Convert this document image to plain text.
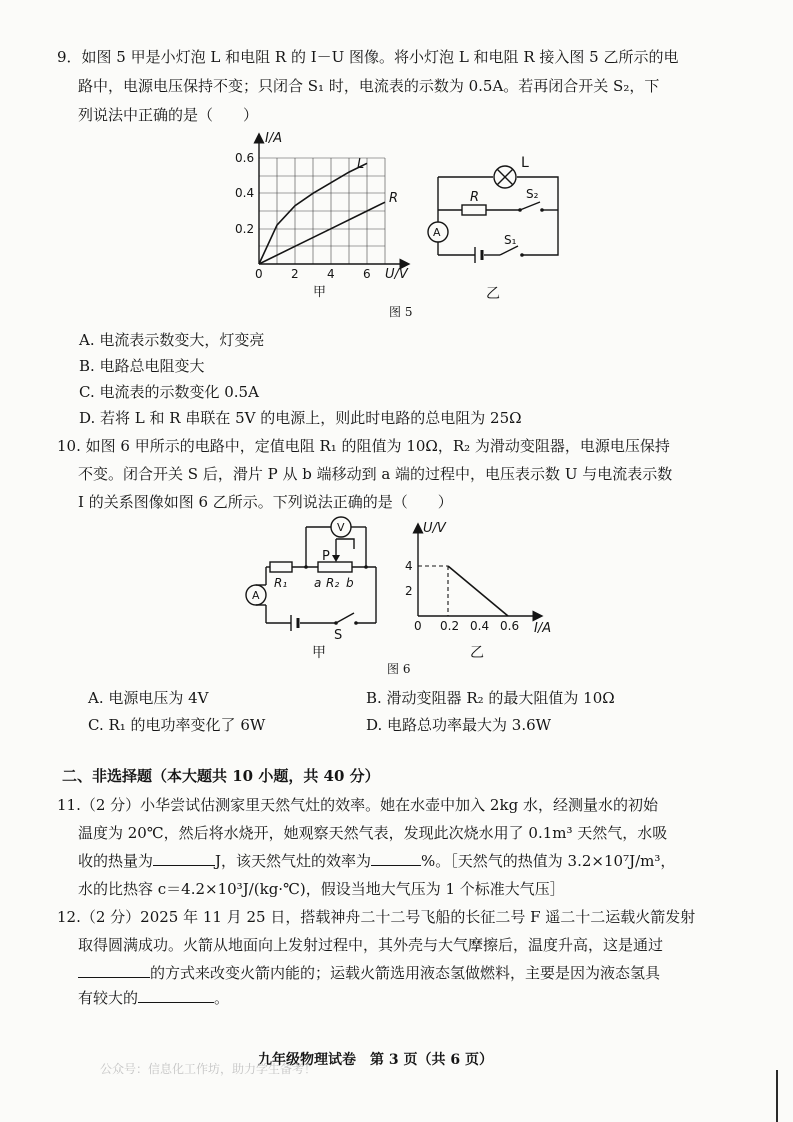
9．如图 5 甲是小灯泡 L 和电阻 R 的 I－U 图像。将小灯泡 L 和电阻 R 接入图 5 乙所示的电
路中，电源电压保持不变；只闭合 S₁ 时，电流表的示数为 0.5A。若再闭合开关 S₂，下
列说法中正确的是（　　）
I/A
U/V
0.6
0.4
0.2
0 2 4 6
L
R
甲
L
R	S₂
S₁
A
乙
图 5
A. 电流表示数变大，灯变亮
B. 电路总电阻变大
C. 电流表的示数变化 0.5A
D. 若将 L 和 R 串联在 5V 的电源上，则此时电路的总电阻为 25Ω
10. 如图 6 甲所示的电路中，定值电阻 R₁ 的阻值为 10Ω，R₂ 为滑动变阻器，电源电压保持
不变。闭合开关 S 后，滑片 P 从 b 端移动到 a 端的过程中，电压表示数 U 与电流表示数
I 的关系图像如图 6 乙所示。下列说法正确的是（　　）
V
A
P
R₁	R₂
a b
S
甲
U/V
I/A
4
2
0 0.2 0.4 0.6
乙
图 6
A. 电源电压为 4V	B. 滑动变阻器 R₂ 的最大阻值为 10Ω
C. R₁ 的电功率变化了 6W	D. 电路总功率最大为 3.6W
二、非选择题（本大题共 10 小题，共 40 分）
11.（2 分）小华尝试估测家里天然气灶的效率。她在水壶中加入 2kg 水，经测量水的初始
温度为 20℃，然后将水烧开，她观察天然气表，发现此次烧水用了 0.1m³ 天然气，水吸
收的热量为	J，该天然气灶的效率为	%。［天然气的热值为 3.2×10⁷J/m³，
水的比热容 c＝4.2×10³J/(kg·℃)，假设当地大气压为 1 个标准大气压］
12.（2 分）2025 年 11 月 25 日，搭载神舟二十二号飞船的长征二号 F 遥二十二运载火箭发射
取得圆满成功。火箭从地面向上发射过程中，其外壳与大气摩擦后，温度升高，这是通过
的方式来改变火箭内能的；运载火箭选用液态氢做燃料，主要是因为液态氢具
有较大的	。
九年级物理试卷　第 3 页（共 6 页）
公众号：信息化工作坊，助力学生备考！
